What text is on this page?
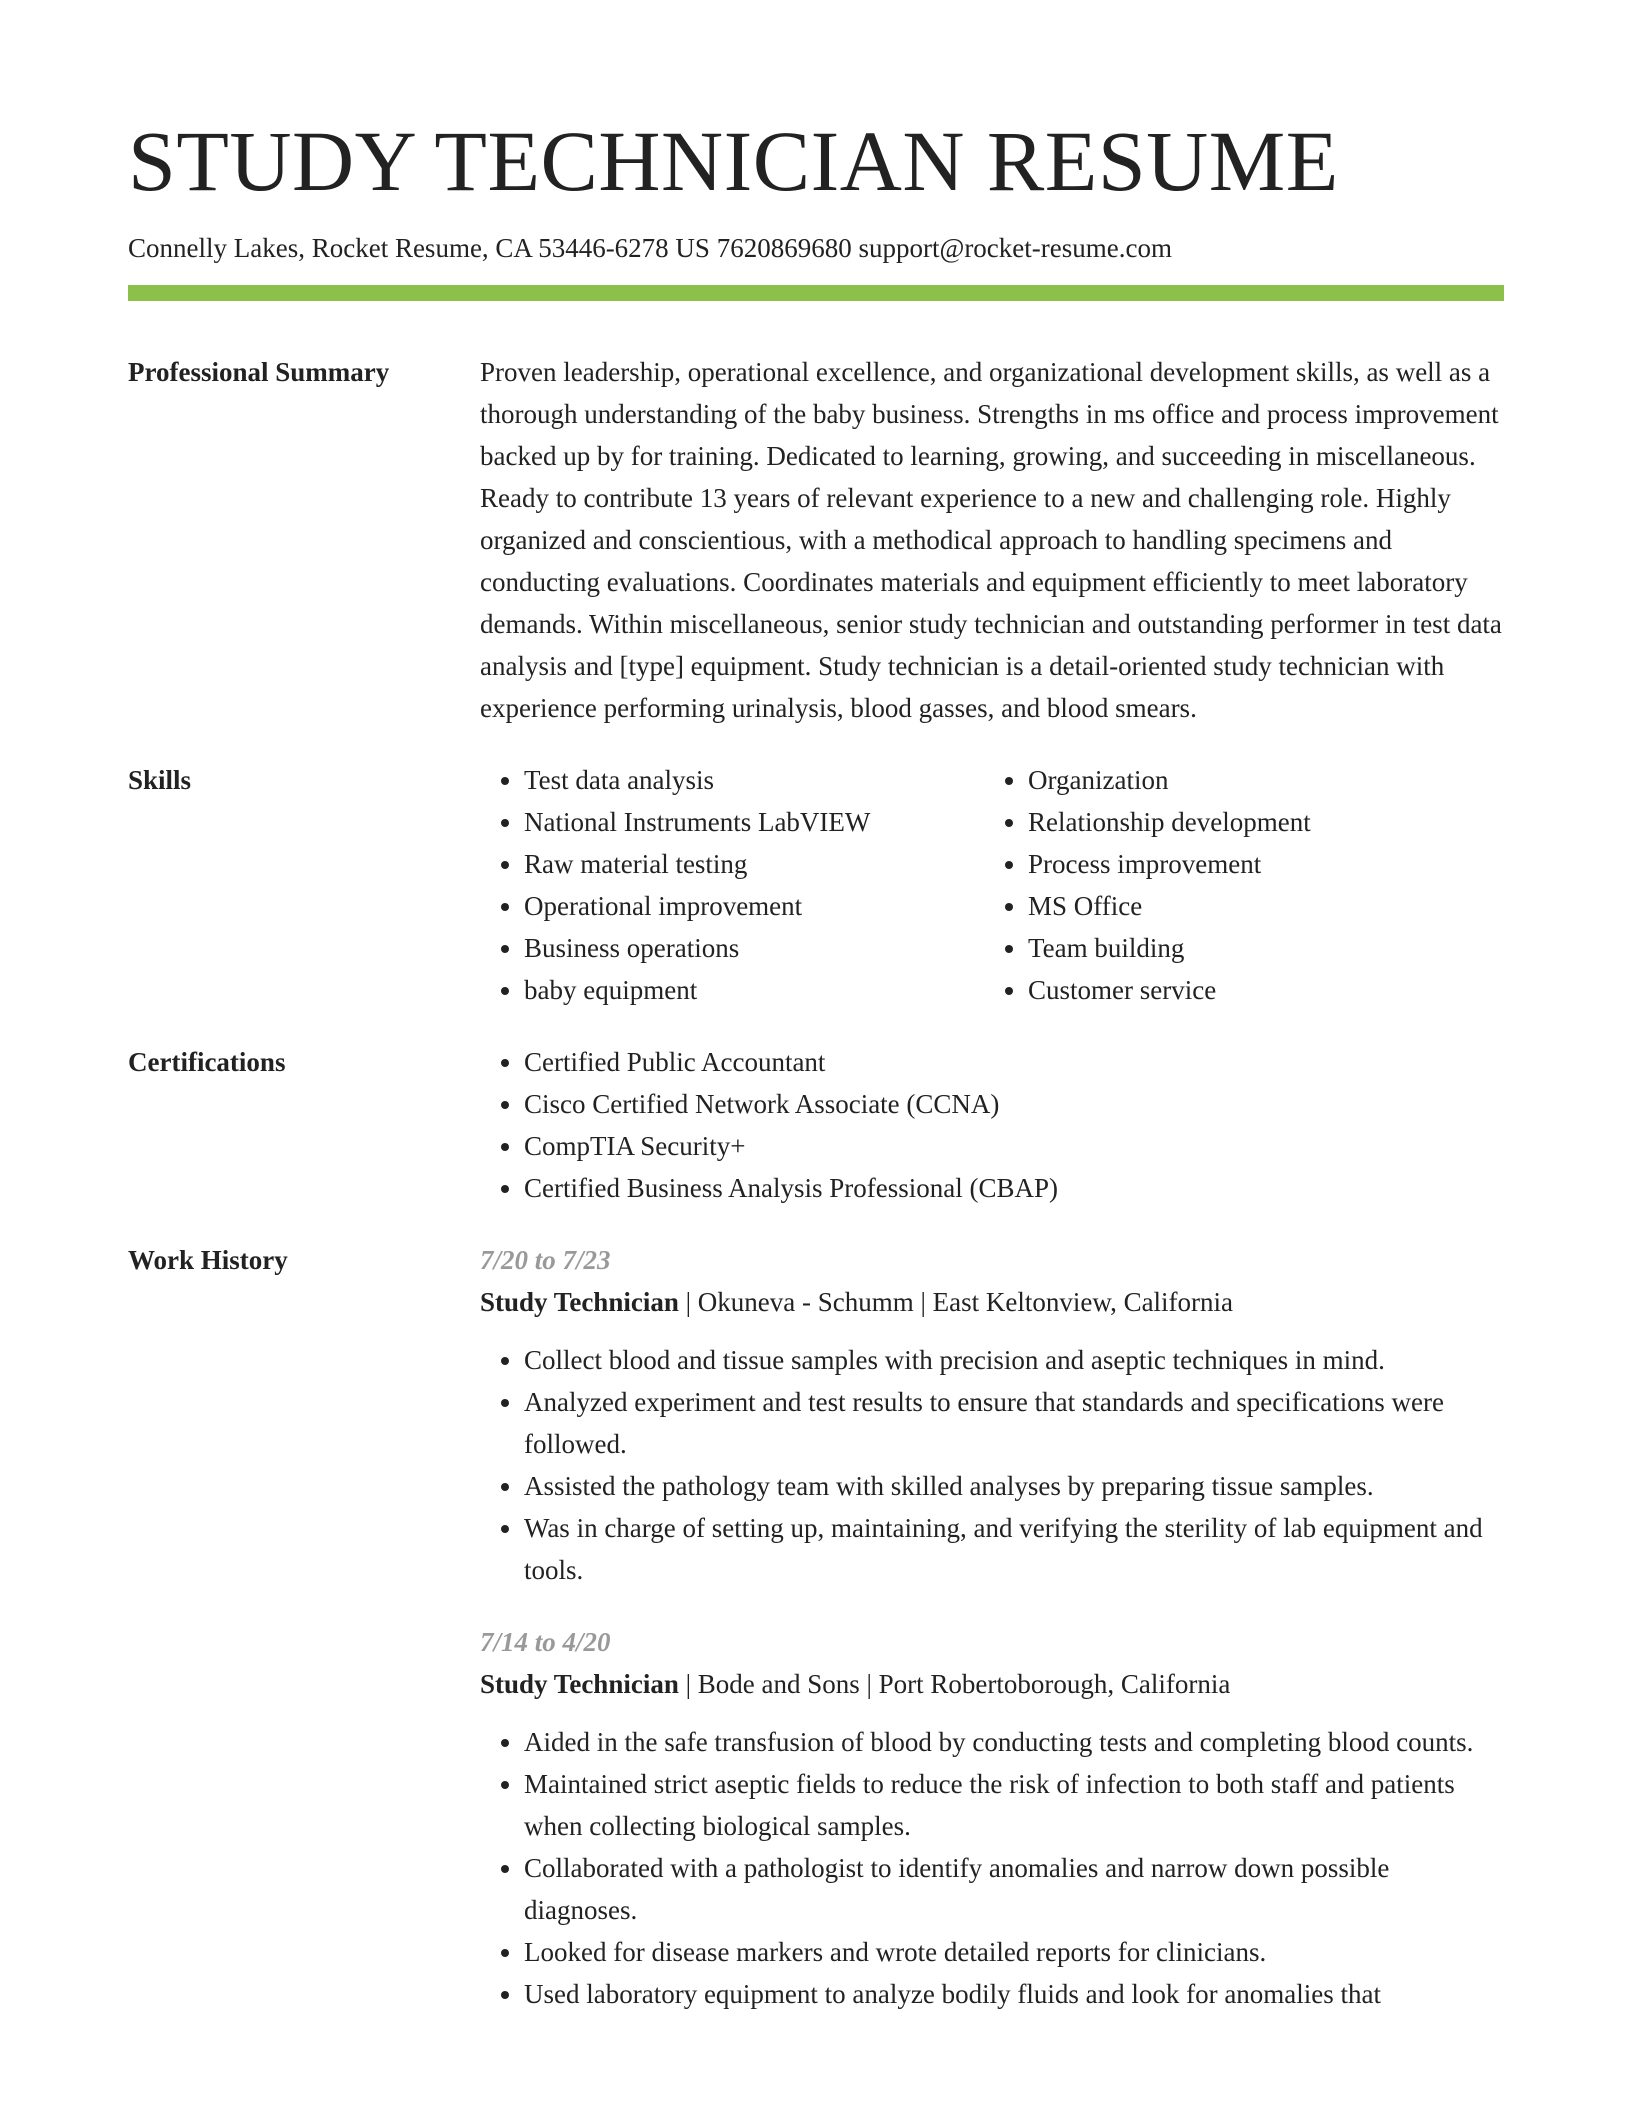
STUDY TECHNICIAN RESUME
Connelly Lakes, Rocket Resume, CA 53446-6278 US 7620869680 support@rocket-resume.com
Professional Summary	Proven leadership, operational excellence, and organizational development skills, as well as a thorough understanding of the baby business. Strengths in ms office and process improvement backed up by for training. Dedicated to learning, growing, and succeeding in miscellaneous. Ready to contribute 13 years of relevant experience to a new and challenging role. Highly organized and conscientious, with a methodical approach to handling specimens and conducting evaluations. Coordinates materials and equipment efficiently to meet laboratory demands. Within miscellaneous, senior study technician and outstanding performer in test data analysis and [type] equipment. Study technician is a detail-oriented study technician with experience performing urinalysis, blood gasses, and blood smears.

Skills	• Test data analysis
• National Instruments LabVIEW
• Raw material testing
• Operational improvement
• Business operations
• baby equipment
• Organization
• Relationship development
• Process improvement
• MS Office
• Team building
• Customer service
Certifications	• Certified Public Accountant
• Cisco Certified Network Associate (CCNA)
• CompTIA Security+
• Certified Business Analysis Professional (CBAP)
Work History	7/20 to 7/23
Study Technician | Okuneva - Schumm | East Keltonview, California
• Collect blood and tissue samples with precision and aseptic techniques in mind.
• Analyzed experiment and test results to ensure that standards and specifications were followed.
• Assisted the pathology team with skilled analyses by preparing tissue samples.
• Was in charge of setting up, maintaining, and verifying the sterility of lab equipment and tools.
7/14 to 4/20
Study Technician | Bode and Sons | Port Robertoborough, California
• Aided in the safe transfusion of blood by conducting tests and completing blood counts.
• Maintained strict aseptic fields to reduce the risk of infection to both staff and patients when collecting biological samples.
• Collaborated with a pathologist to identify anomalies and narrow down possible diagnoses.
• Looked for disease markers and wrote detailed reports for clinicians.
• Used laboratory equipment to analyze bodily fluids and look for anomalies that
